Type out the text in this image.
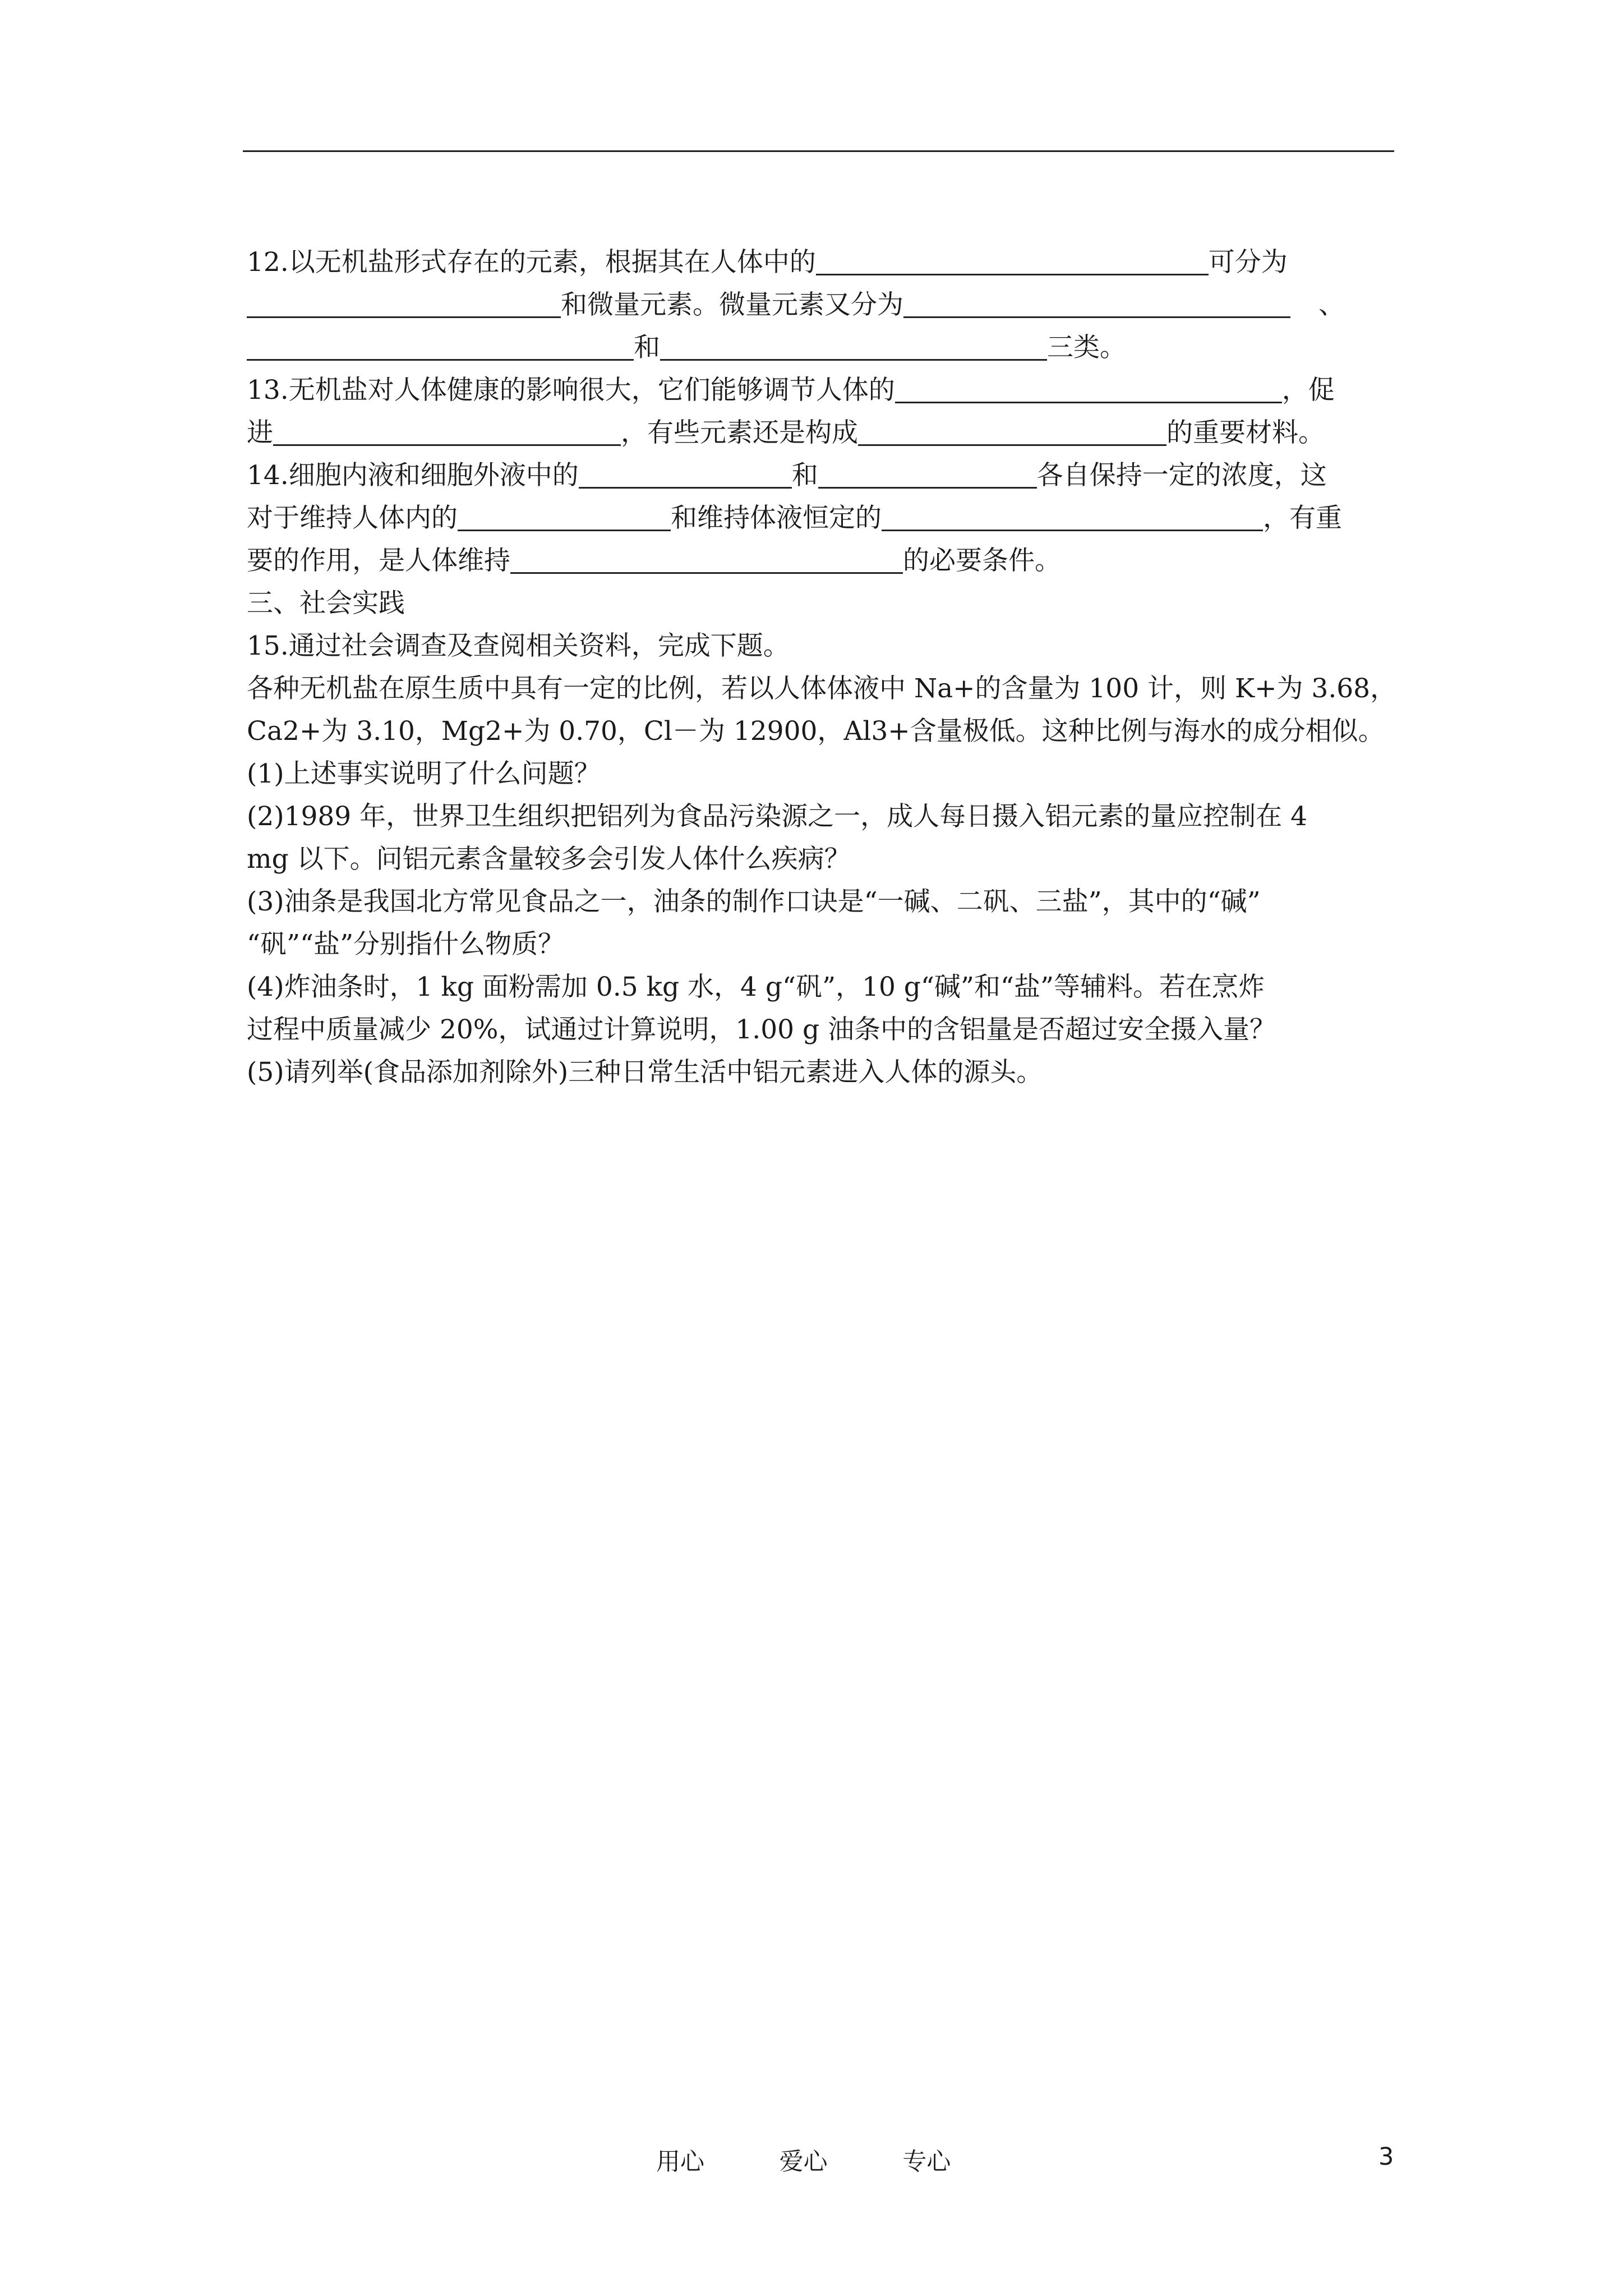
12.以无机盐形式存在的元素，根据其在人体中的	可分为
和微量元素。微量元素又分为	、
和	三类。
13.无机盐对人体健康的影响很大，它们能够调节人体的	，促
进	，有些元素还是构成	的重要材料。
14.细胞内液和细胞外液中的	和	各自保持一定的浓度，这
对于维持人体内的	和维持体液恒定的	，有重
要的作用，是人体维持	的必要条件。
三、社会实践
15.通过社会调查及查阅相关资料，完成下题。
各种无机盐在原生质中具有一定的比例，若以人体体液中 Na+的含量为 100 计，则 K+为 3.68，
Ca2+为 3.10，Mg2+为 0.70，Cl－为 12900，Al3+含量极低。这种比例与海水的成分相似。
(1)上述事实说明了什么问题？
(2)1989 年，世界卫生组织把铝列为食品污染源之一，成人每日摄入铝元素的量应控制在 4
mg 以下。问铝元素含量较多会引发人体什么疾病？
(3)油条是我国北方常见食品之一，油条的制作口诀是“一碱、二矾、三盐”，其中的“碱”
“矾”“盐”分别指什么物质？
(4)炸油条时，1 kg 面粉需加 0.5 kg 水，4 g“矾”，10 g“碱”和“盐”等辅料。若在烹炸
过程中质量减少 20%，试通过计算说明，1.00 g 油条中的含铝量是否超过安全摄入量？
(5)请列举(食品添加剂除外)三种日常生活中铝元素进入人体的源头。
用心	爱心	专心	3
